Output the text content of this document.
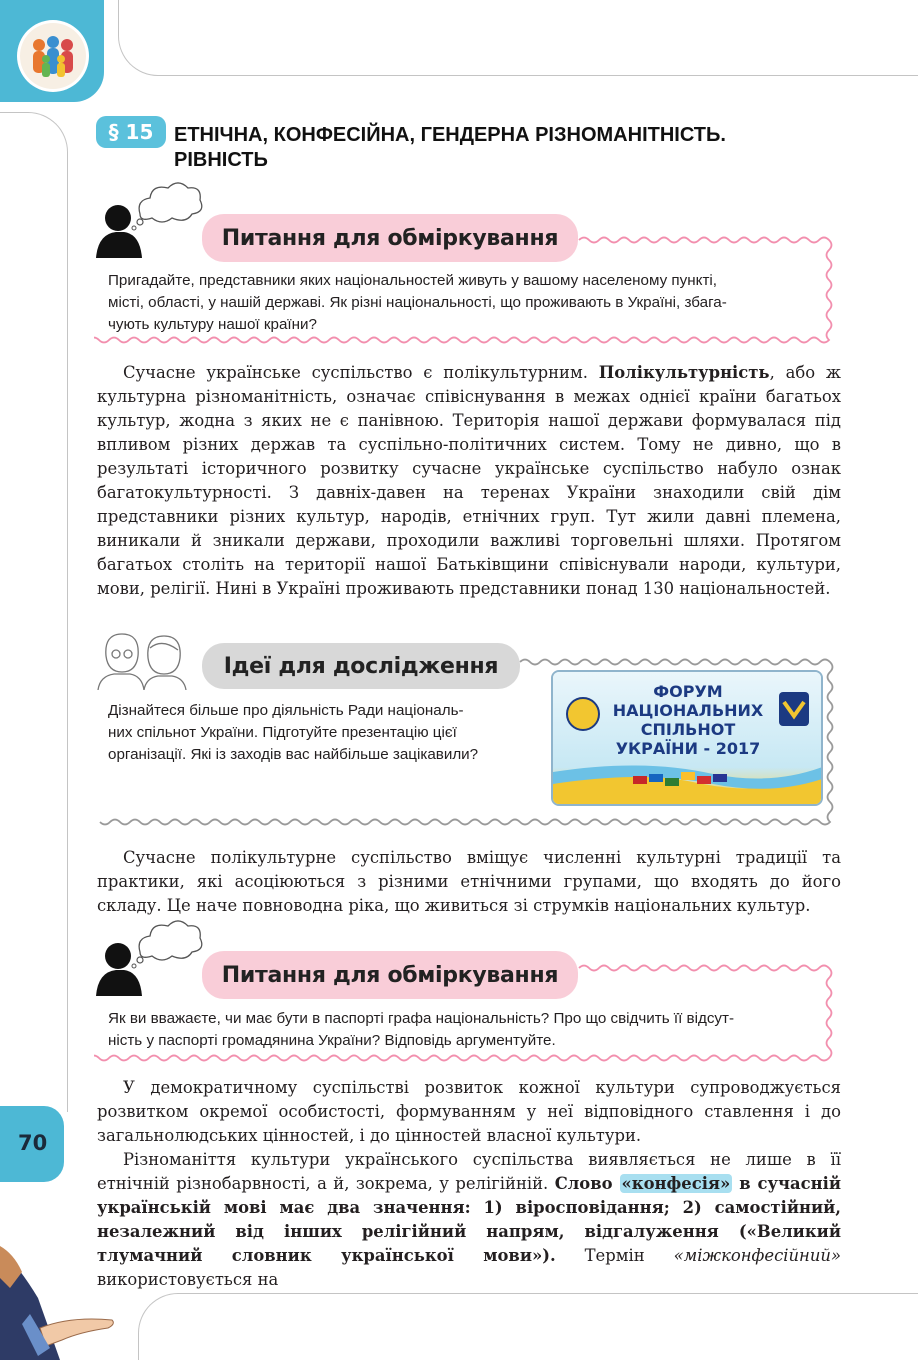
70
§ 15	ЕТНІЧНА, КОНФЕСІЙНА, ГЕНДЕРНА РІЗНОМАНІТНІСТЬ.
РІВНІСТЬ
Питання для обміркування
Пригадайте, представники яких національностей живуть у вашому населеному пункті,
місті, області, у нашій державі. Як різні національності, що проживають в Україні, збага-
чують культуру нашої країни?
Сучасне українське суспільство є полікультурним. Полікультурність, або ж культурна різноманітність, означає співіснування в межах однієї країни багатьох культур, жодна з яких не є панівною. Територія нашої держави формувалася під впливом різних держав та суспільно-політичних систем. Тому не дивно, що в результаті історичного розвитку сучасне українське суспільство набуло ознак багатокультурності. З давніх-давен на теренах України знаходили свій дім представники різних культур, народів, етнічних груп. Тут жили давні племена, виникали й зникали держави, проходили важливі торговельні шляхи. Протягом багатьох століть на території нашої Батьківщини співіснували народи, культури, мови, релігії. Нині в Україні проживають представники понад 130 національностей.
Ідеї для дослідження
Дізнайтеся більше про діяльність Ради національ-
них спільнот України. Підготуйте презентацію цієї
організації. Які із заходів вас найбільше зацікавили?
ФОРУМ
НАЦІОНАЛЬНИХ
СПІЛЬНОТ
УКРАЇНИ - 2017
Сучасне полікультурне суспільство вміщує численні культурні традиції та практики, які асоціюються з різними етнічними групами, що входять до його складу. Це наче повноводна ріка, що живиться зі струмків національних культур.
Питання для обміркування
Як ви вважаєте, чи має бути в паспорті графа національність? Про що свідчить її відсут-
ність у паспорті громадянина України? Відповідь аргументуйте.
У демократичному суспільстві розвиток кожної культури супроводжується розвитком окремої особистості, формуванням у неї відповідного ставлення і до загальнолюдських цінностей, і до цінностей власної культури.
Різноманіття культури українського суспільства виявляється не лише в її етнічній різнобарвності, а й, зокрема, у релігійній. Слово «конфесія» в сучасній українській мові має два значення: 1) віросповідання; 2) самостійний, незалежний від інших релігійний напрям, відгалуження («Великий тлумачний словник української мови»). Термін «міжконфесійний» використовується на
